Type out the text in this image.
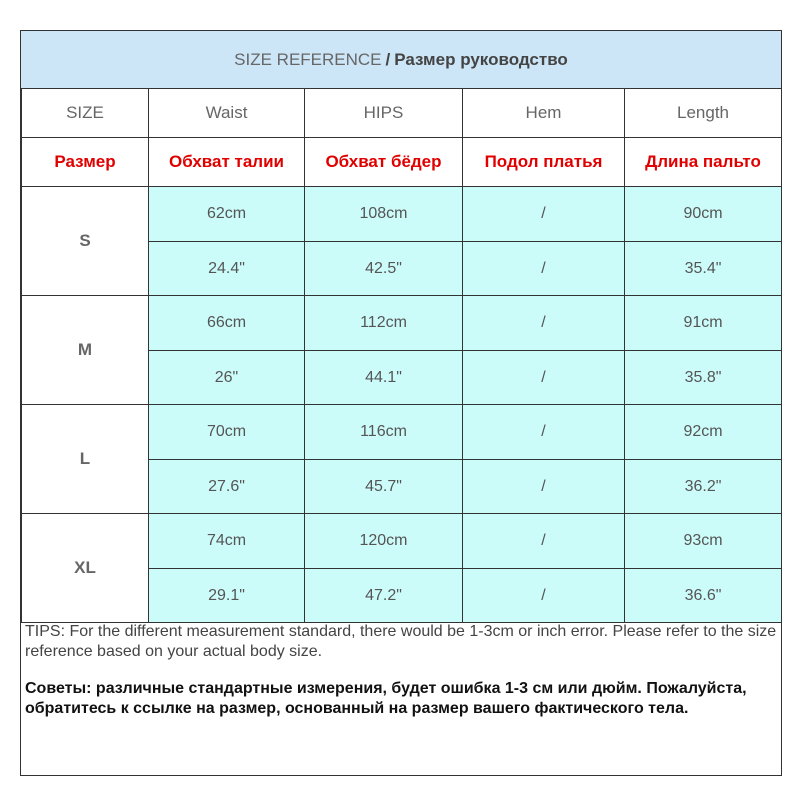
SIZE REFERENCE / Размер руководство
SIZE	Waist	HIPS	Hem	Length
Размер	Обхват талии	Обхват бёдер	Подол платья	Длина пальто
S	62cm	108cm	/	90cm
	24.4"	42.5"	/	35.4"
M	66cm	112cm	/	91cm
	26"	44.1"	/	35.8"
L	70cm	116cm	/	92cm
	27.6"	45.7"	/	36.2"
XL	74cm	120cm	/	93cm
	29.1"	47.2"	/	36.6"

TIPS: For the different measurement standard, there would be 1-3cm or inch error. Please refer to the size reference based on your actual body size.

Советы: различные стандартные измерения, будет ошибка 1-3 см или дюйм. Пожалуйста, обратитесь к ссылке на размер, основанный на размер вашего фактического тела.
